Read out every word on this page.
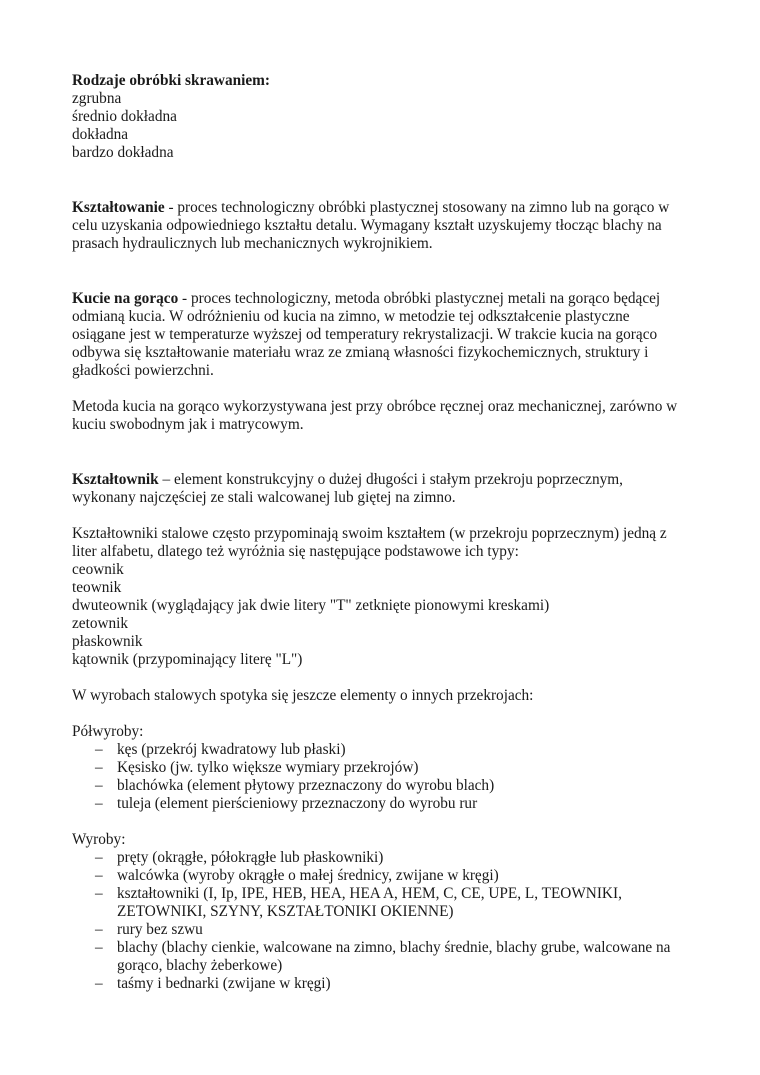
Rodzaje obróbki skrawaniem:
zgrubna
średnio dokładna
dokładna
bardzo dokładna
Kształtowanie - proces technologiczny obróbki plastycznej stosowany na zimno lub na gorąco w
celu uzyskania odpowiedniego kształtu detalu. Wymagany kształt uzyskujemy tłocząc blachy na
prasach hydraulicznych lub mechanicznych wykrojnikiem.
Kucie na gorąco - proces technologiczny, metoda obróbki plastycznej metali na gorąco będącej
odmianą kucia. W odróżnieniu od kucia na zimno, w metodzie tej odkształcenie plastyczne
osiągane jest w temperaturze wyższej od temperatury rekrystalizacji. W trakcie kucia na gorąco
odbywa się kształtowanie materiału wraz ze zmianą własności fizykochemicznych, struktury i
gładkości powierzchni.
Metoda kucia na gorąco wykorzystywana jest przy obróbce ręcznej oraz mechanicznej, zarówno w
kuciu swobodnym jak i matrycowym.
Kształtownik – element konstrukcyjny o dużej długości i stałym przekroju poprzecznym,
wykonany najczęściej ze stali walcowanej lub giętej na zimno.
Kształtowniki stalowe często przypominają swoim kształtem (w przekroju poprzecznym) jedną z
liter alfabetu, dlatego też wyróżnia się następujące podstawowe ich typy:
ceownik
teownik
dwuteownik (wyglądający jak dwie litery "T" zetknięte pionowymi kreskami)
zetownik
płaskownik
kątownik (przypominający literę "L")
W wyrobach stalowych spotyka się jeszcze elementy o innych przekrojach:
Półwyroby:
– kęs (przekrój kwadratowy lub płaski)
– Kęsisko (jw. tylko większe wymiary przekrojów)
– blachówka (element płytowy przeznaczony do wyrobu blach)
– tuleja (element pierścieniowy przeznaczony do wyrobu rur
Wyroby:
– pręty (okrągłe, półokrągłe lub płaskowniki)
– walcówka (wyroby okrągłe o małej średnicy, zwijane w kręgi)
– kształtowniki (I, Ip, IPE, HEB, HEA, HEA A, HEM, C, CE, UPE, L, TEOWNIKI,
ZETOWNIKI, SZYNY, KSZTAŁTONIKI OKIENNE)
– rury bez szwu
– blachy (blachy cienkie, walcowane na zimno, blachy średnie, blachy grube, walcowane na
gorąco, blachy żeberkowe)
– taśmy i bednarki (zwijane w kręgi)
